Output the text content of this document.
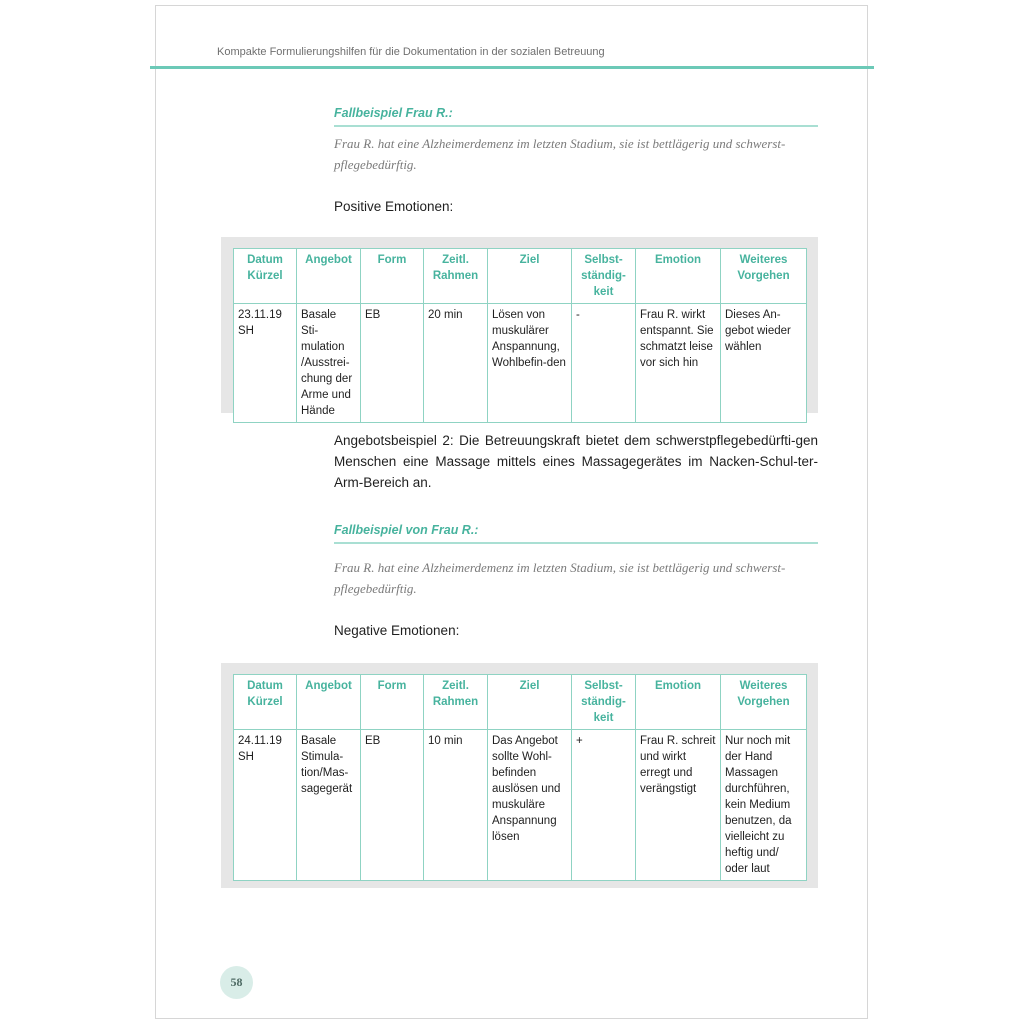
Kompakte Formulierungshilfen für die Dokumentation in der sozialen Betreuung
Fallbeispiel Frau R.:
Frau R. hat eine Alzheimerdemenz im letzten Stadium, sie ist bettlägerig und schwerst-pflegebedürftig.
Positive Emotionen:
Datum Kürzel	Angebot	Form	Zeitl. Rahmen	Ziel	Selbst-ständig-keit	Emotion	Weiteres Vorgehen
23.11.19 SH	Basale Sti-mulation /Ausstrei-chung der Arme und Hände	EB	20 min	Lösen von muskulärer Anspannung, Wohlbefin-den	-	Frau R. wirkt entspannt. Sie schmatzt leise vor sich hin	Dieses An-gebot wieder wählen
Angebotsbeispiel 2: Die Betreuungskraft bietet dem schwerstpflegebedürfti-gen Menschen eine Massage mittels eines Massagegerätes im Nacken-Schul-ter-Arm-Bereich an.
Fallbeispiel von Frau R.:
Frau R. hat eine Alzheimerdemenz im letzten Stadium, sie ist bettlägerig und schwerst-pflegebedürftig.
Negative Emotionen:
Datum Kürzel	Angebot	Form	Zeitl. Rahmen	Ziel	Selbst-ständig-keit	Emotion	Weiteres Vorgehen
24.11.19 SH	Basale Stimula-tion/Mas-sagegerät	EB	10 min	Das Angebot sollte Wohl-befinden auslösen und muskuläre Anspannung lösen	+	Frau R. schreit und wirkt erregt und verängstigt	Nur noch mit der Hand Massagen durchführen, kein Medium benutzen, da vielleicht zu heftig und/ oder laut
58
